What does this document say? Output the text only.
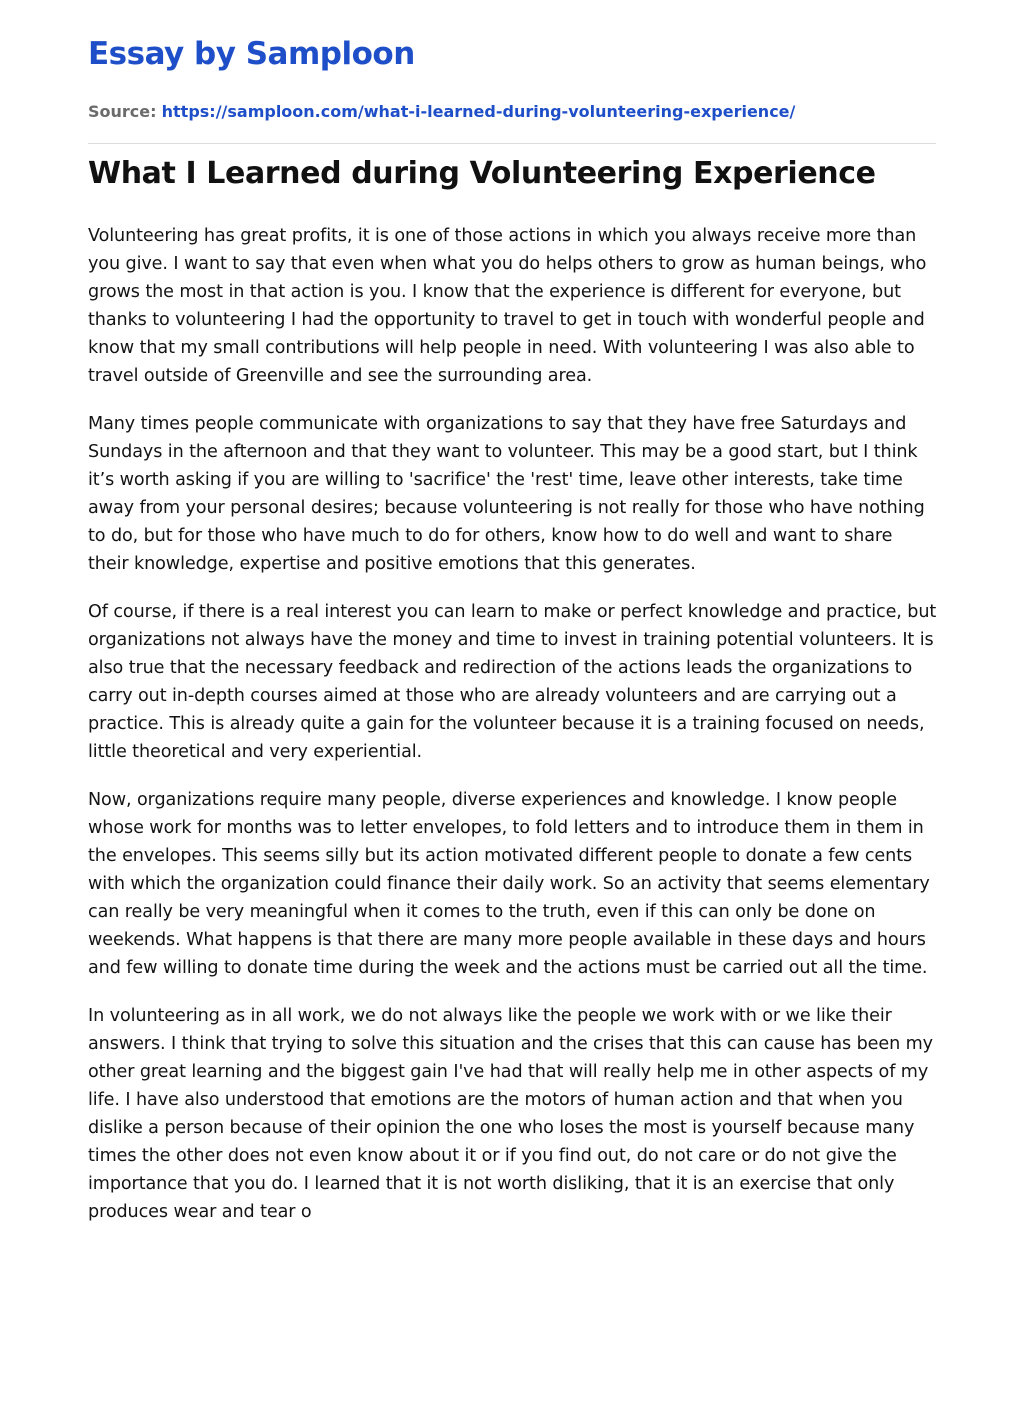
Essay by Samploon
Source: https://samploon.com/what-i-learned-during-volunteering-experience/
What I Learned during Volunteering Experience

Volunteering has great profits, it is one of those actions in which you always receive more than you give. I want to say that even when what you do helps others to grow as human beings, who grows the most in that action is you. I know that the experience is different for everyone, but thanks to volunteering I had the opportunity to travel to get in touch with wonderful people and know that my small contributions will help people in need. With volunteering I was also able to travel outside of Greenville and see the surrounding area.

Many times people communicate with organizations to say that they have free Saturdays and Sundays in the afternoon and that they want to volunteer. This may be a good start, but I think it’s worth asking if you are willing to 'sacrifice' the 'rest' time, leave other interests, take time away from your personal desires; because volunteering is not really for those who have nothing to do, but for those who have much to do for others, know how to do well and want to share their knowledge, expertise and positive emotions that this generates.

Of course, if there is a real interest you can learn to make or perfect knowledge and practice, but organizations not always have the money and time to invest in training potential volunteers. It is also true that the necessary feedback and redirection of the actions leads the organizations to carry out in-depth courses aimed at those who are already volunteers and are carrying out a practice. This is already quite a gain for the volunteer because it is a training focused on needs, little theoretical and very experiential.

Now, organizations require many people, diverse experiences and knowledge. I know people whose work for months was to letter envelopes, to fold letters and to introduce them in them in the envelopes. This seems silly but its action motivated different people to donate a few cents with which the organization could finance their daily work. So an activity that seems elementary can really be very meaningful when it comes to the truth, even if this can only be done on weekends. What happens is that there are many more people available in these days and hours and few willing to donate time during the week and the actions must be carried out all the time.

In volunteering as in all work, we do not always like the people we work with or we like their answers. I think that trying to solve this situation and the crises that this can cause has been my other great learning and the biggest gain I've had that will really help me in other aspects of my life. I have also understood that emotions are the motors of human action and that when you dislike a person because of their opinion the one who loses the most is yourself because many times the other does not even know about it or if you find out, do not care or do not give the importance that you do. I learned that it is not worth disliking, that it is an exercise that only produces wear and tear o
